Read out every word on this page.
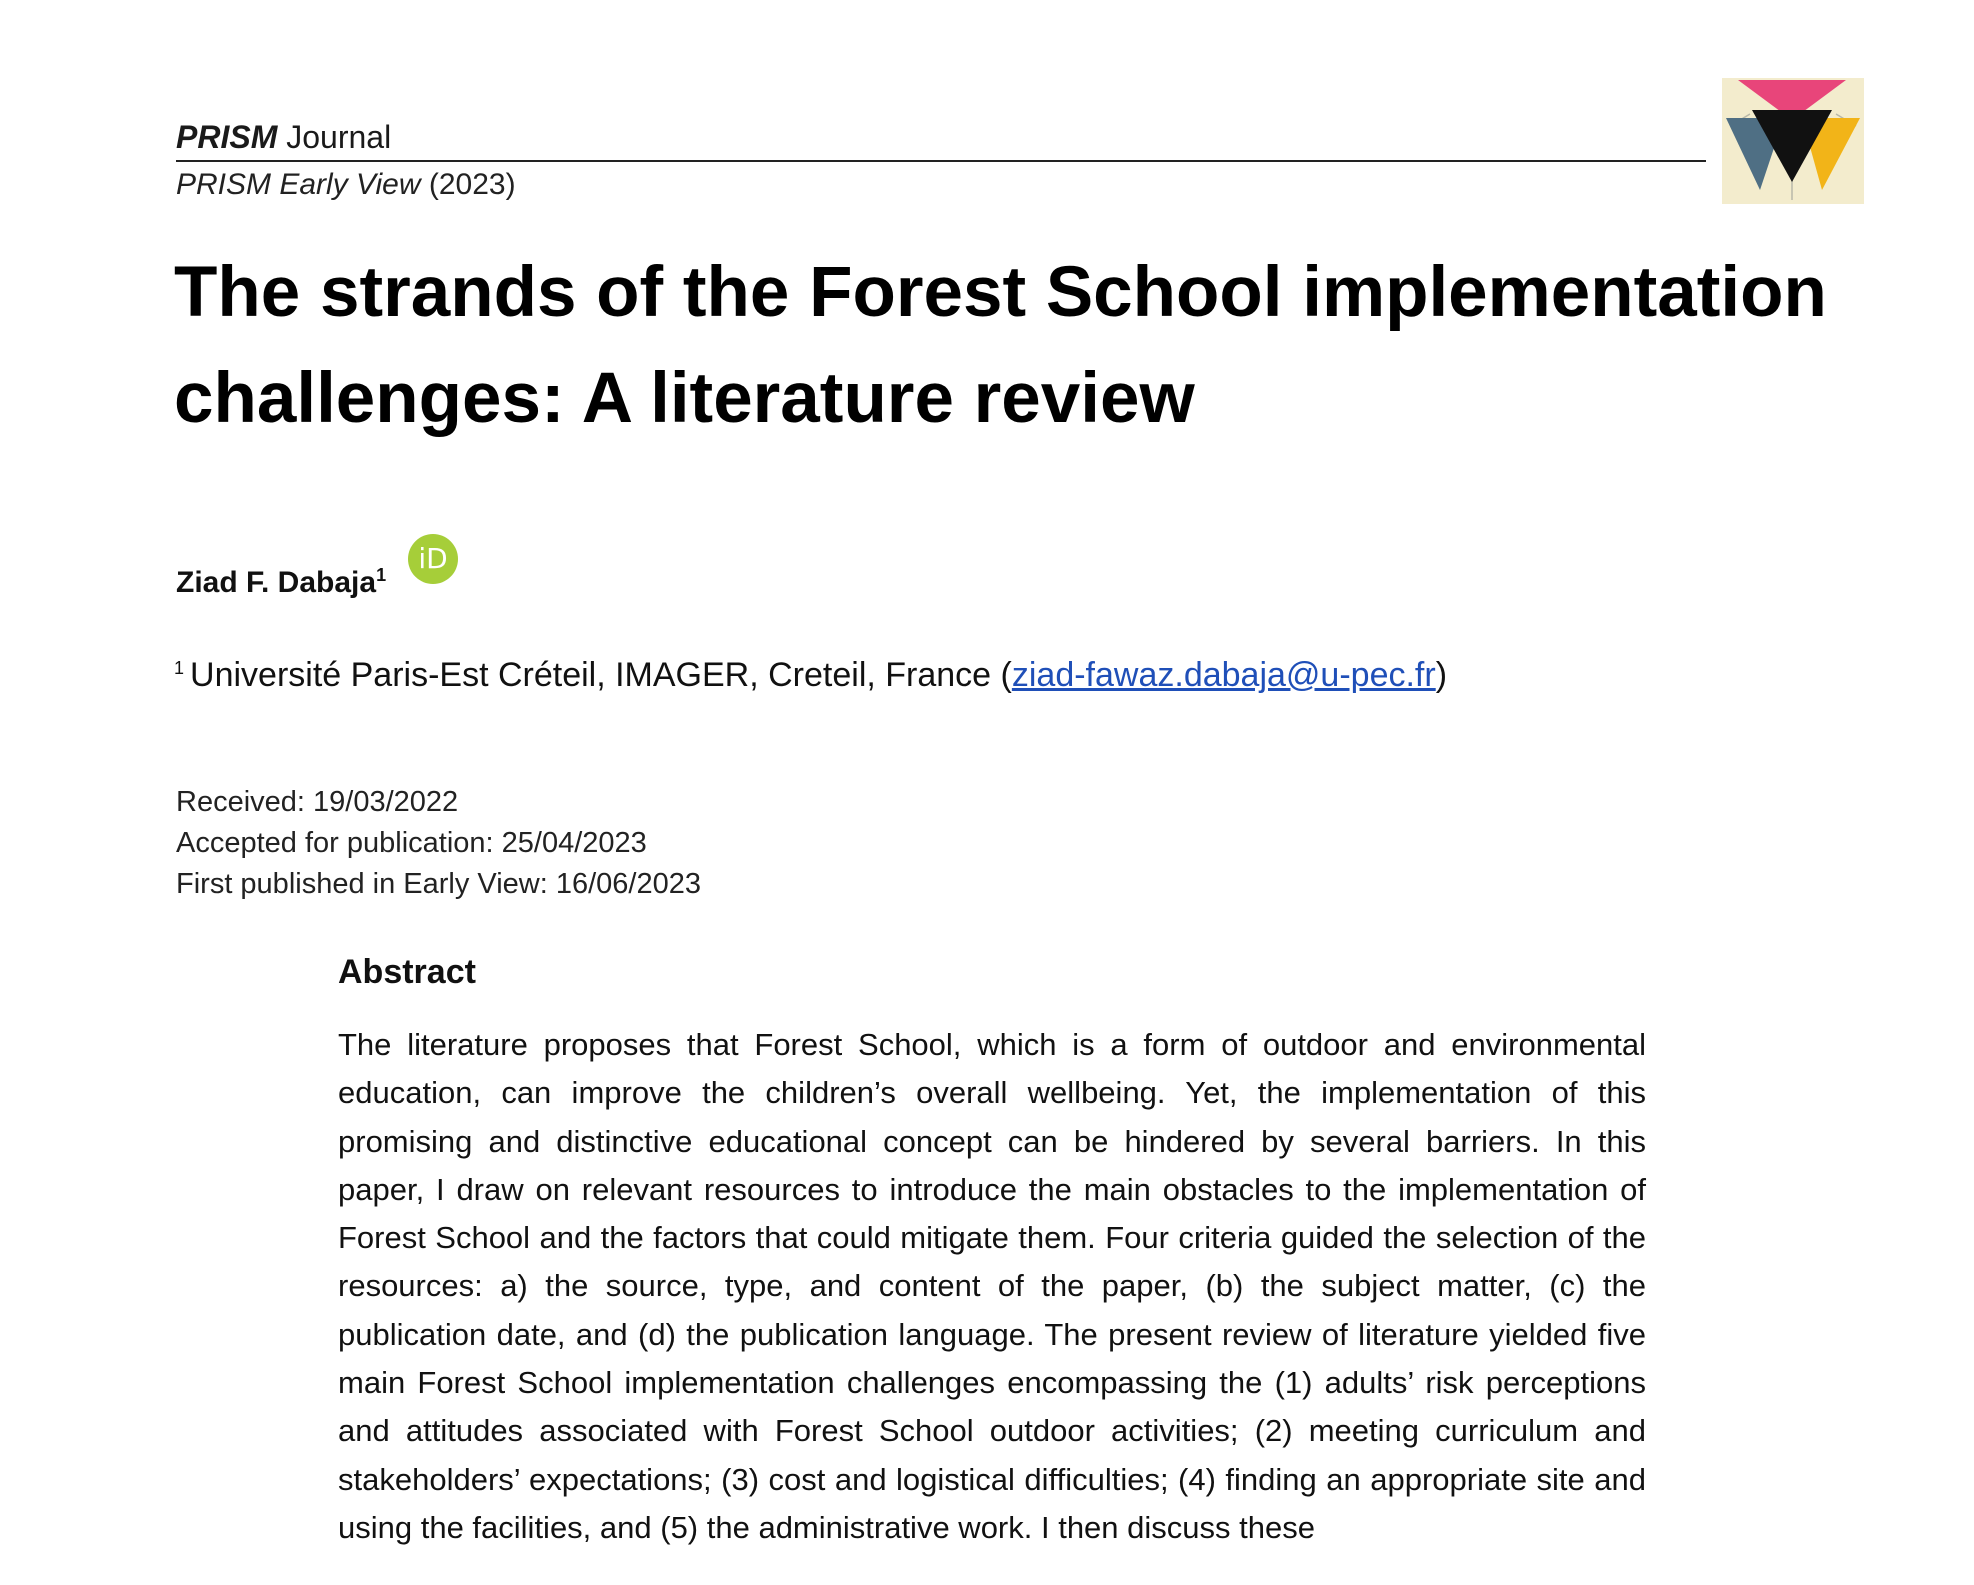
PRISM Journal
PRISM Early View (2023)
The strands of the Forest School implementation challenges: A literature review
Ziad F. Dabaja$^1$	iD
$^1$ Université Paris-Est Créteil, IMAGER, Creteil, France (ziad-fawaz.dabaja@u-pec.fr)
Received: 19/03/2022
Accepted for publication: 25/04/2023
First published in Early View: 16/06/2023
Abstract

The literature proposes that Forest School, which is a form of outdoor and environmental education, can improve the children’s overall wellbeing. Yet, the implementation of this promising and distinctive educational concept can be hindered by several barriers. In this paper, I draw on relevant resources to introduce the main obstacles to the implementation of Forest School and the factors that could mitigate them. Four criteria guided the selection of the resources: a) the source, type, and content of the paper, (b) the subject matter, (c) the publication date, and (d) the publication language. The present review of literature yielded five main Forest School implementation challenges encompassing the (1) adults’ risk perceptions and attitudes associated with Forest School outdoor activities; (2) meeting curriculum and stakeholders’ expectations; (3) cost and logistical difficulties; (4) finding an appropriate site and using the facilities, and (5) the administrative work. I then discuss these
